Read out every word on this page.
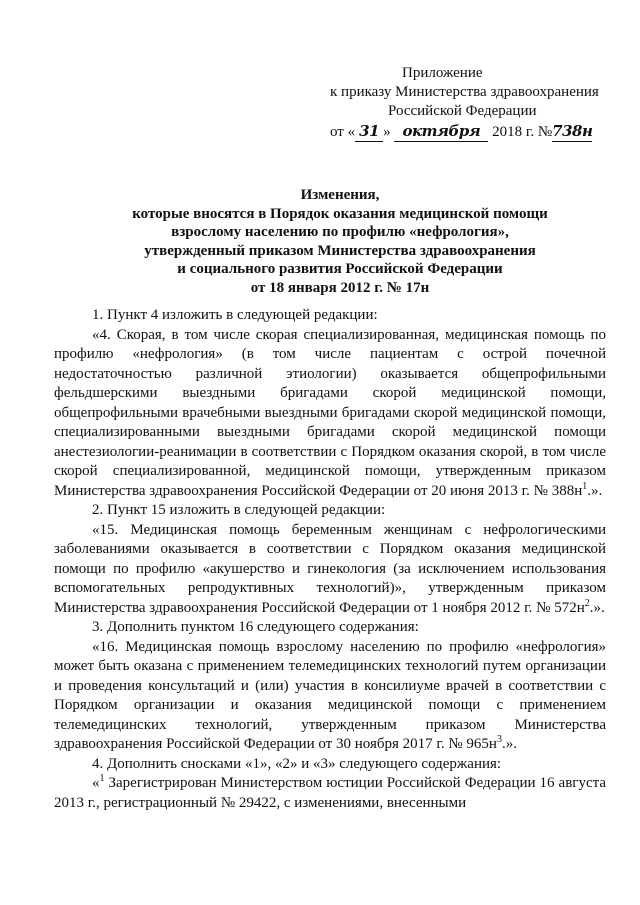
Приложение
к приказу Министерства здравоохранения
Российской Федерации
от « 31 » октября 2018 г. №738н
Изменения,
которые вносятся в Порядок оказания медицинской помощи
взрослому населению по профилю «нефрология»,
утвержденный приказом Министерства здравоохранения
и социального развития Российской Федерации
от 18 января 2012 г. № 17н

1. Пункт 4 изложить в следующей редакции:

«4. Скорая, в том числе скорая специализированная, медицинская помощь по профилю «нефрология» (в том числе пациентам с острой почечной недостаточностью различной этиологии) оказывается общепрофильными фельдшерскими выездными бригадами скорой медицинской помощи, общепрофильными врачебными выездными бригадами скорой медицинской помощи, специализированными выездными бригадами скорой медицинской помощи анестезиологии-реанимации в соответствии с Порядком оказания скорой, в том числе скорой специализированной, медицинской помощи, утвержденным приказом Министерства здравоохранения Российской Федерации от 20 июня 2013 г. № $388н^1$.».

2. Пункт 15 изложить в следующей редакции:

«15. Медицинская помощь беременным женщинам с нефрологическими заболеваниями оказывается в соответствии с Порядком оказания медицинской помощи по профилю «акушерство и гинекология (за исключением использования вспомогательных репродуктивных технологий)», утвержденным приказом Министерства здравоохранения Российской Федерации от 1 ноября 2012 г. № $572н^2$.».

3. Дополнить пунктом 16 следующего содержания:

«16. Медицинская помощь взрослому населению по профилю «нефрология» может быть оказана с применением телемедицинских технологий путем организации и проведения консультаций и (или) участия в консилиуме врачей в соответствии с Порядком организации и оказания медицинской помощи с применением телемедицинских технологий, утвержденным приказом Министерства здравоохранения Российской Федерации от 30 ноября 2017 г. № $965н^3$.».

4. Дополнить сносками «1», «2» и «3» следующего содержания:

«$^1$ Зарегистрирован Министерством юстиции Российской Федерации 16 августа 2013 г., регистрационный № 29422, с изменениями, внесенными
